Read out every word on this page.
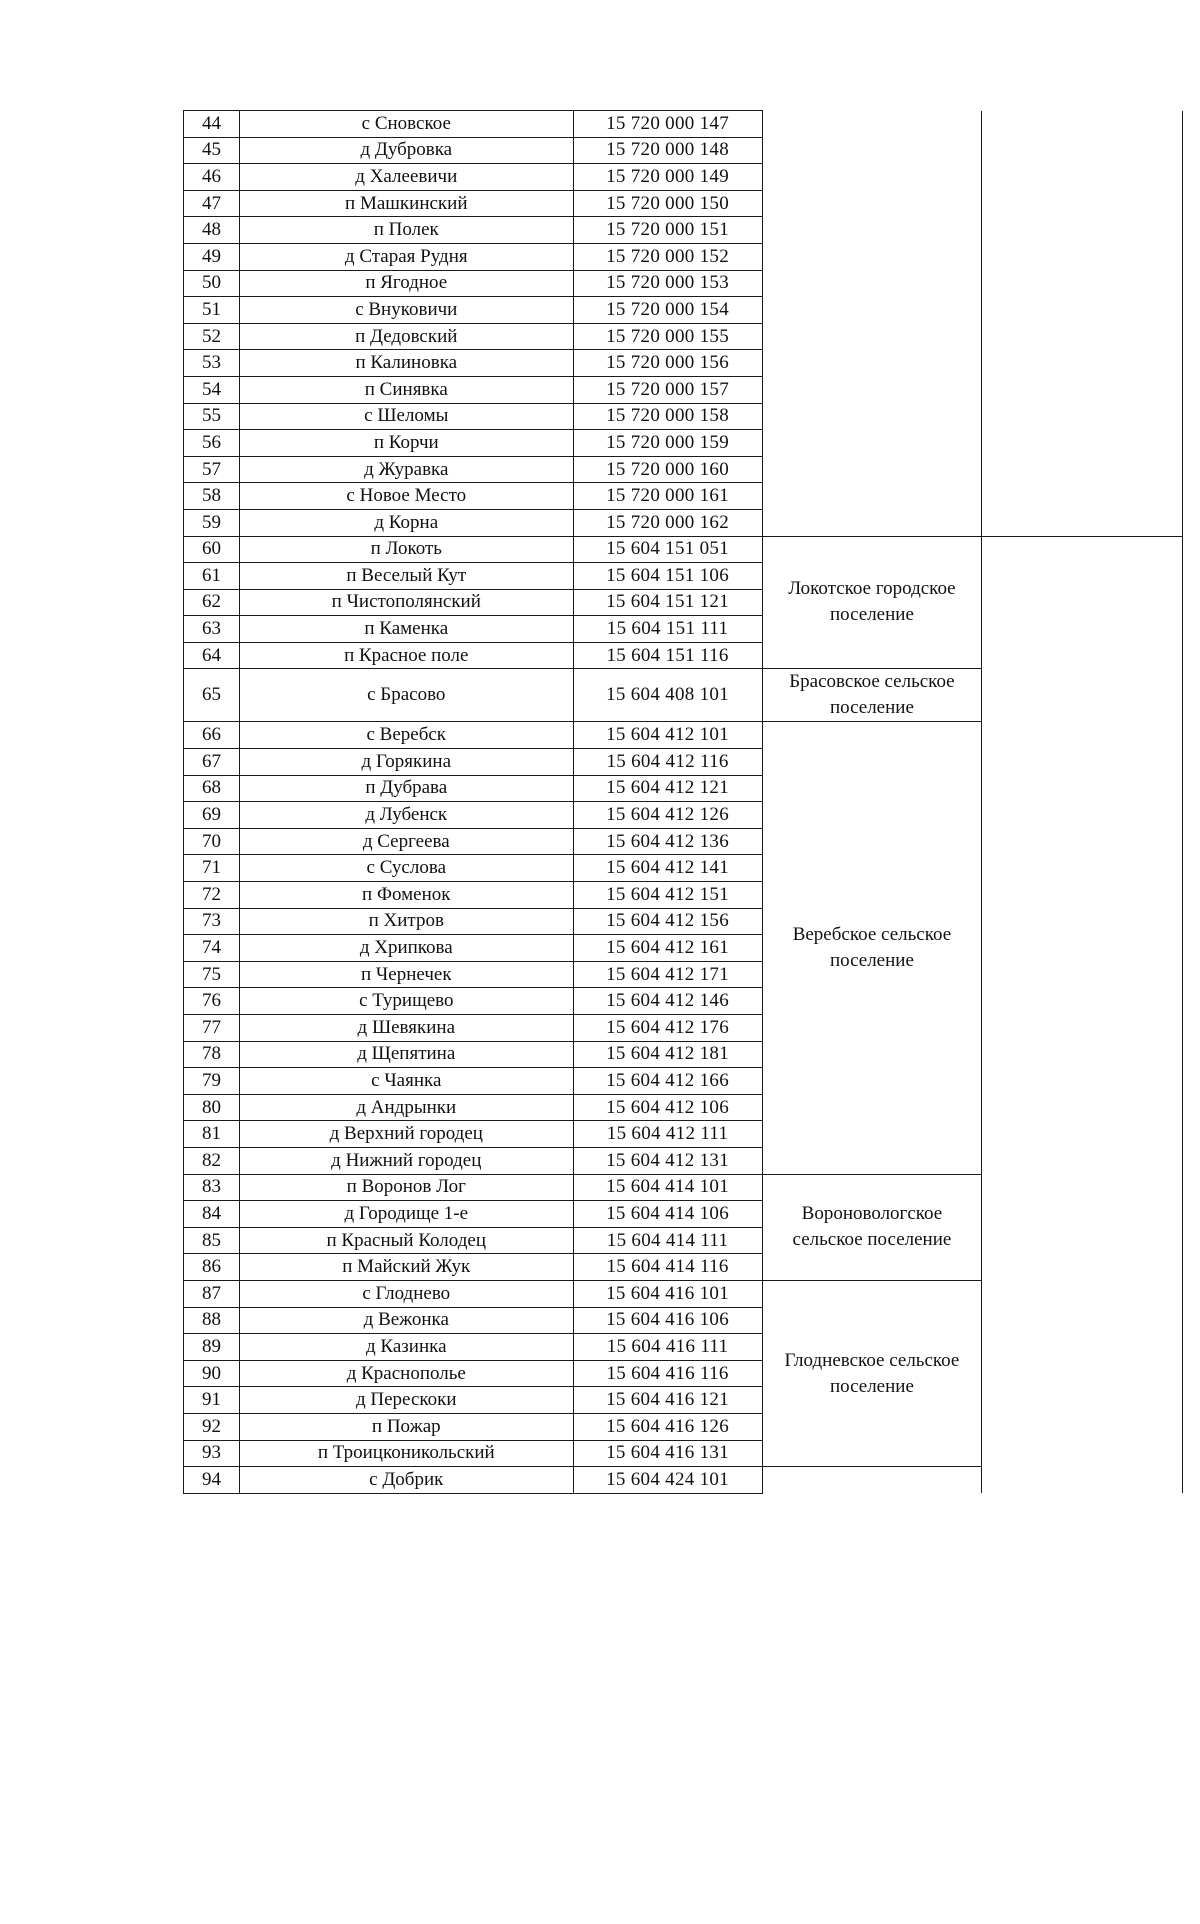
44	с Сновское	15 720 000 147		
45	д Дубровка	15 720 000 148		
46	д Халеевичи	15 720 000 149		
47	п Машкинский	15 720 000 150		
48	п Полек	15 720 000 151		
49	д Старая Рудня	15 720 000 152		
50	п Ягодное	15 720 000 153		
51	с Внуковичи	15 720 000 154		
52	п Дедовский	15 720 000 155		
53	п Калиновка	15 720 000 156		
54	п Синявка	15 720 000 157		
55	с Шеломы	15 720 000 158		
56	п Корчи	15 720 000 159		
57	д Журавка	15 720 000 160		
58	с Новое Место	15 720 000 161		
59	д Корна	15 720 000 162		
60	п Локоть	15 604 151 051	Локотское городское поселение	
61	п Веселый Кут	15 604 151 106		
62	п Чистополянский	15 604 151 121		
63	п Каменка	15 604 151 111		
64	п Красное поле	15 604 151 116		
65	с Брасово	15 604 408 101	Брасовское сельское поселение	
66	с Веребск	15 604 412 101	Веребское сельское поселение	
67	д Горякина	15 604 412 116		
68	п Дубрава	15 604 412 121		
69	д Лубенск	15 604 412 126		
70	д Сергеева	15 604 412 136		
71	с Суслова	15 604 412 141		
72	п Фоменок	15 604 412 151		
73	п Хитров	15 604 412 156		
74	д Хрипкова	15 604 412 161		
75	п Чернечек	15 604 412 171		
76	с Турищево	15 604 412 146		
77	д Шевякина	15 604 412 176		
78	д Щепятина	15 604 412 181		
79	с Чаянка	15 604 412 166		
80	д Андрынки	15 604 412 106		
81	д Верхний городец	15 604 412 111		
82	д Нижний городец	15 604 412 131		
83	п Воронов Лог	15 604 414 101	Вороновологское сельское поселение	
84	д Городище 1-е	15 604 414 106		
85	п Красный Колодец	15 604 414 111		
86	п Майский Жук	15 604 414 116		
87	с Глоднево	15 604 416 101	Глодневское сельское поселение	
88	д Вежонка	15 604 416 106		
89	д Казинка	15 604 416 111		
90	д Краснополье	15 604 416 116		
91	д Перескоки	15 604 416 121		
92	п Пожар	15 604 416 126		
93	п Троицконикольский	15 604 416 131		
94	с Добрик	15 604 424 101		
